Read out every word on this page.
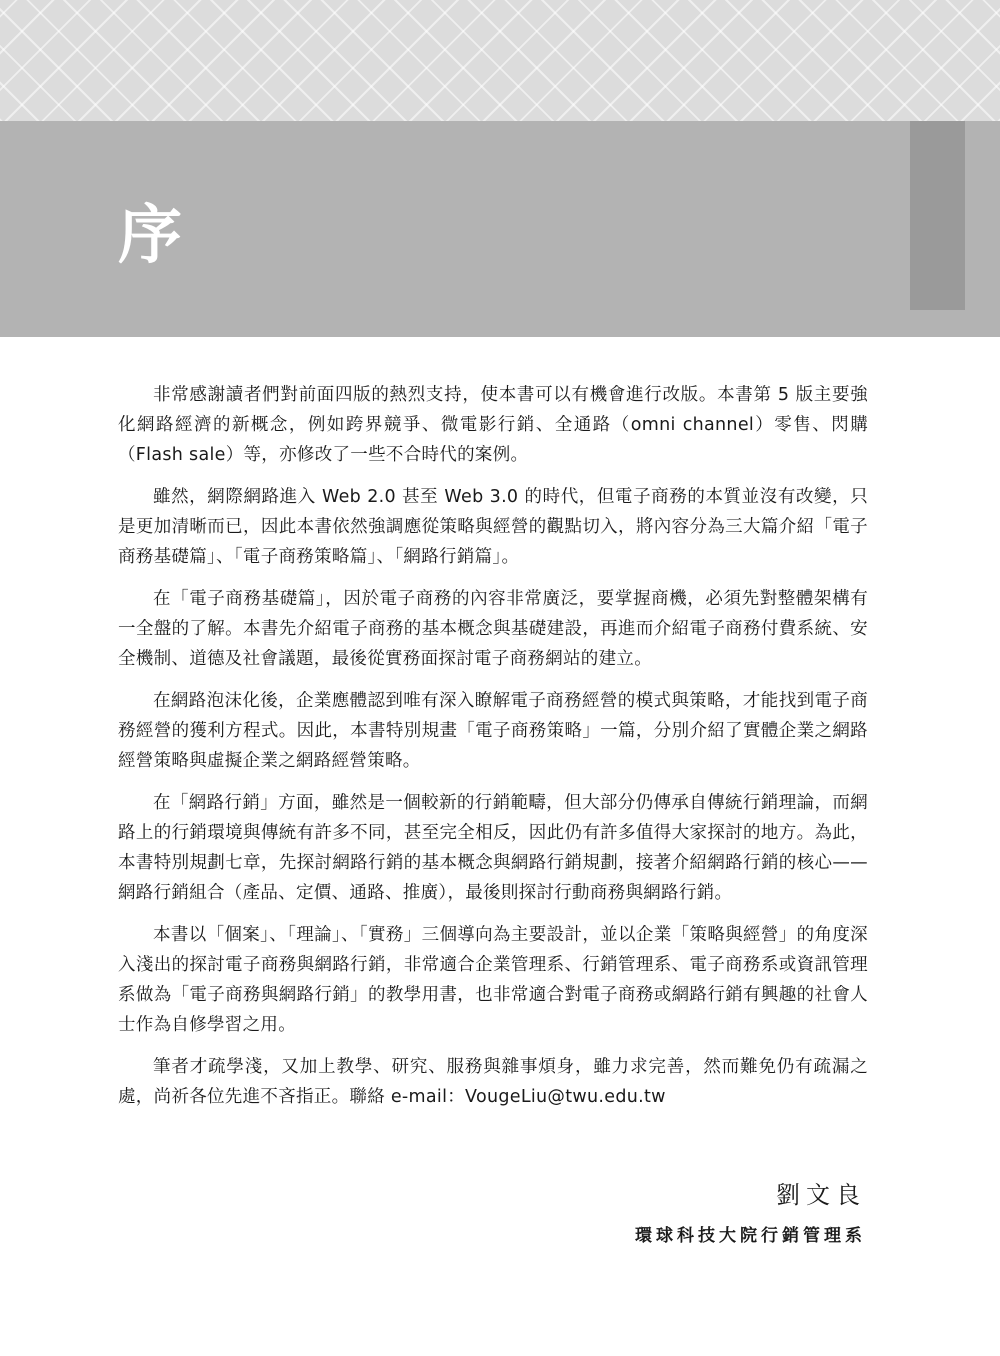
序

非常感謝讀者們對前面四版的熱烈支持，使本書可以有機會進行改版。本書第 5 版主要強化網路經濟的新概念，例如跨界競爭、微電影行銷、全通路（omni channel）零售、閃購（Flash sale）等，亦修改了一些不合時代的案例。

雖然，網際網路進入 Web 2.0 甚至 Web 3.0 的時代，但電子商務的本質並沒有改變，只是更加清晰而已，因此本書依然強調應從策略與經營的觀點切入，將內容分為三大篇介紹「電子商務基礎篇」、「電子商務策略篇」、「網路行銷篇」。

在「電子商務基礎篇」，因於電子商務的內容非常廣泛，要掌握商機，必須先對整體架構有一全盤的了解。本書先介紹電子商務的基本概念與基礎建設，再進而介紹電子商務付費系統、安全機制、道德及社會議題，最後從實務面探討電子商務網站的建立。

在網路泡沫化後，企業應體認到唯有深入瞭解電子商務經營的模式與策略，才能找到電子商務經營的獲利方程式。因此，本書特別規畫「電子商務策略」一篇，分別介紹了實體企業之網路經營策略與虛擬企業之網路經營策略。

在「網路行銷」方面，雖然是一個較新的行銷範疇，但大部分仍傳承自傳統行銷理論，而網路上的行銷環境與傳統有許多不同，甚至完全相反，因此仍有許多值得大家探討的地方。為此，本書特別規劃七章，先探討網路行銷的基本概念與網路行銷規劃，接著介紹網路行銷的核心——網路行銷組合（產品、定價、通路、推廣），最後則探討行動商務與網路行銷。

本書以「個案」、「理論」、「實務」三個導向為主要設計，並以企業「策略與經營」的角度深入淺出的探討電子商務與網路行銷，非常適合企業管理系、行銷管理系、電子商務系或資訊管理系做為「電子商務與網路行銷」的教學用書，也非常適合對電子商務或網路行銷有興趣的社會人士作為自修學習之用。

筆者才疏學淺，又加上教學、研究、服務與雜事煩身，雖力求完善，然而難免仍有疏漏之處，尚祈各位先進不吝指正。聯絡 e-mail：VougeLiu@twu.edu.tw

劉文良
環球科技大院行銷管理系
